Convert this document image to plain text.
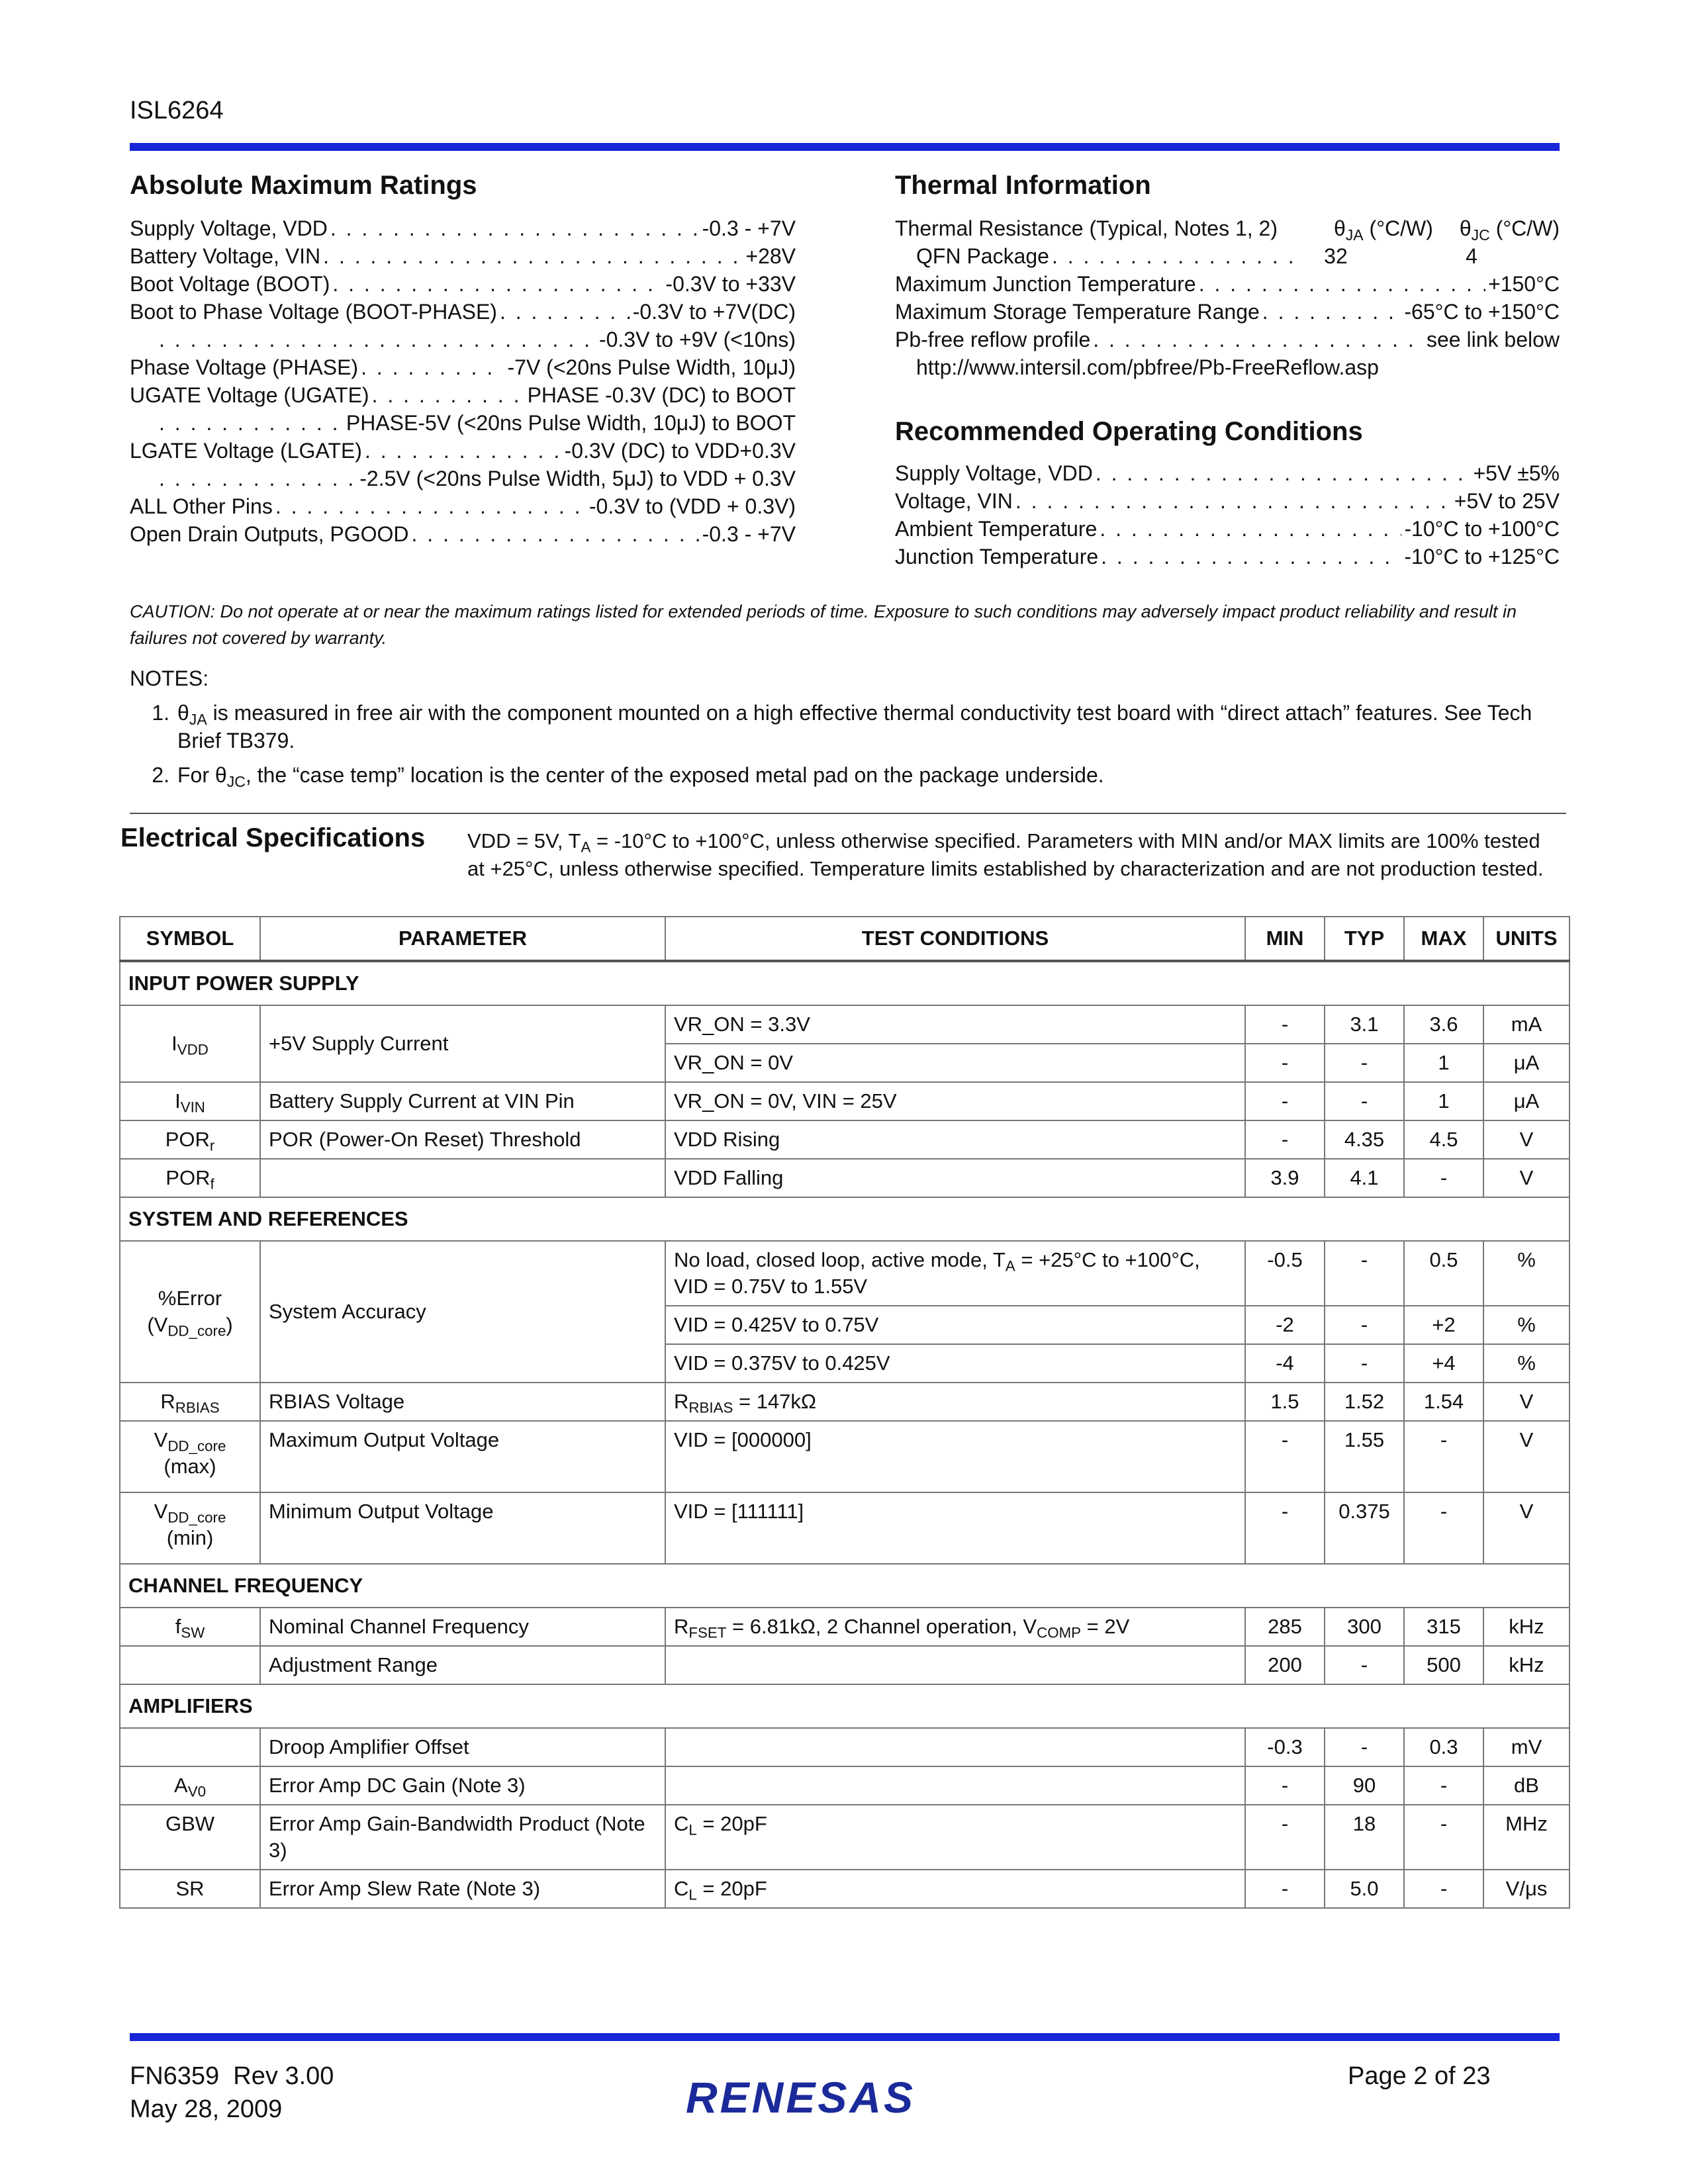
ISL6264
Absolute Maximum Ratings
Supply Voltage, VDD . . .	-0.3 - +7V
Battery Voltage, VIN . . .	+28V
Boot Voltage (BOOT) . . .	-0.3V to +33V
Boot to Phase Voltage (BOOT-PHASE) . . .	-0.3V to +7V(DC)
. . .
-0.3V to +9V (<10ns)
Phase Voltage (PHASE) . . .	-7V (<20ns Pulse Width, 10μJ)
UGATE Voltage (UGATE) . . .	PHASE -0.3V (DC) to BOOT
. . .
PHASE-5V (<20ns Pulse Width, 10μJ) to BOOT
LGATE Voltage (LGATE) . . .	-0.3V (DC) to VDD+0.3V
. . .
-2.5V (<20ns Pulse Width, 5μJ) to VDD + 0.3V
ALL Other Pins . . .	-0.3V to (VDD + 0.3V)
Open Drain Outputs, PGOOD . . .	-0.3 - +7V
Thermal Information
Thermal Resistance (Typical, Notes 1, 2)	$\theta_{JA}$ (°C/W) $\theta_{JC}$ (°C/W)
QFN Package . . .	32	4
Maximum Junction Temperature . . .	+150°C
Maximum Storage Temperature Range . . .	-65°C to +150°C
Pb-free reflow profile . . .	see link below
http://www.intersil.com/pbfree/Pb-FreeReflow.asp
Recommended Operating Conditions
Supply Voltage, VDD . . .	+5V ±5%
Voltage, VIN . . .	+5V to 25V
Ambient Temperature . . .	-10°C to +100°C
Junction Temperature . . .	-10°C to +125°C
CAUTION: Do not operate at or near the maximum ratings listed for extended periods of time. Exposure to such conditions may adversely impact product reliability and result in failures not covered by warranty.
NOTES:
1. $\theta_{JA}$ is measured in free air with the component mounted on a high effective thermal conductivity test board with “direct attach” features. See Tech Brief TB379.
2. For $\theta_{JC}$, the “case temp” location is the center of the exposed metal pad on the package underside.
Electrical Specifications VDD = 5V, $T_A = -10^\circ C$ to +100°C, unless otherwise specified. Parameters with MIN and/or MAX limits are 100% tested at +25°C, unless otherwise specified. Temperature limits established by characterization and are not production tested.
SYMBOL	PARAMETER	TEST CONDITIONS	MIN	TYP	MAX	UNITS
INPUT POWER SUPPLY						
$I_{VDD}$	+5V Supply Current	VR_ON = 3.3V	-	3.1	3.6	mA
		VR_ON = 0V	-	-	1	μA
$I_{VIN}$	Battery Supply Current at VIN Pin	VR_ON = 0V, VIN = 25V	-	-	1	μA
$POR_r$	POR (Power-On Reset) Threshold	VDD Rising	-	4.35	4.5	V
$POR_f$		VDD Falling	3.9	4.1	-	V
SYSTEM AND REFERENCES						
%Error
$(V_{DD\_core})$	System Accuracy	No load, closed loop, active mode, $T_A = +25^\circ C$ to +100°C, VID = 0.75V to 1.55V	-0.5	-	0.5	%
		VID = 0.425V to 0.75V	-2	-	+2	%
		VID = 0.375V to 0.425V	-4	-	+4	%
$R_{RBIAS}$	RBIAS Voltage	$R_{RBIAS} = 147k\Omega$	1.5	1.52	1.54	V
$V_{DD\_core}$
(max)	Maximum Output Voltage	VID = [000000]	-	1.55	-	V
$V_{DD\_core}$
(min)	Minimum Output Voltage	VID = [111111]	-	0.375	-	V
CHANNEL FREQUENCY						
$f_{SW}$	Nominal Channel Frequency	$R_{FSET} = 6.81k\Omega$, 2 Channel operation, $V_{COMP} = 2V$	285	300	315	kHz
	Adjustment Range		200	-	500	kHz
AMPLIFIERS						
	Droop Amplifier Offset		-0.3	-	0.3	mV
$A_{V0}$	Error Amp DC Gain (Note 3)		-	90	-	dB
GBW	Error Amp Gain-Bandwidth Product (Note 3)	$C_L = 20pF$	-	18	-	MHz
SR	Error Amp Slew Rate (Note 3)	$C_L = 20pF$	-	5.0	-	V/μs
FN6359  Rev 3.00
May 28, 2009
Page 2 of 23
RENESAS
